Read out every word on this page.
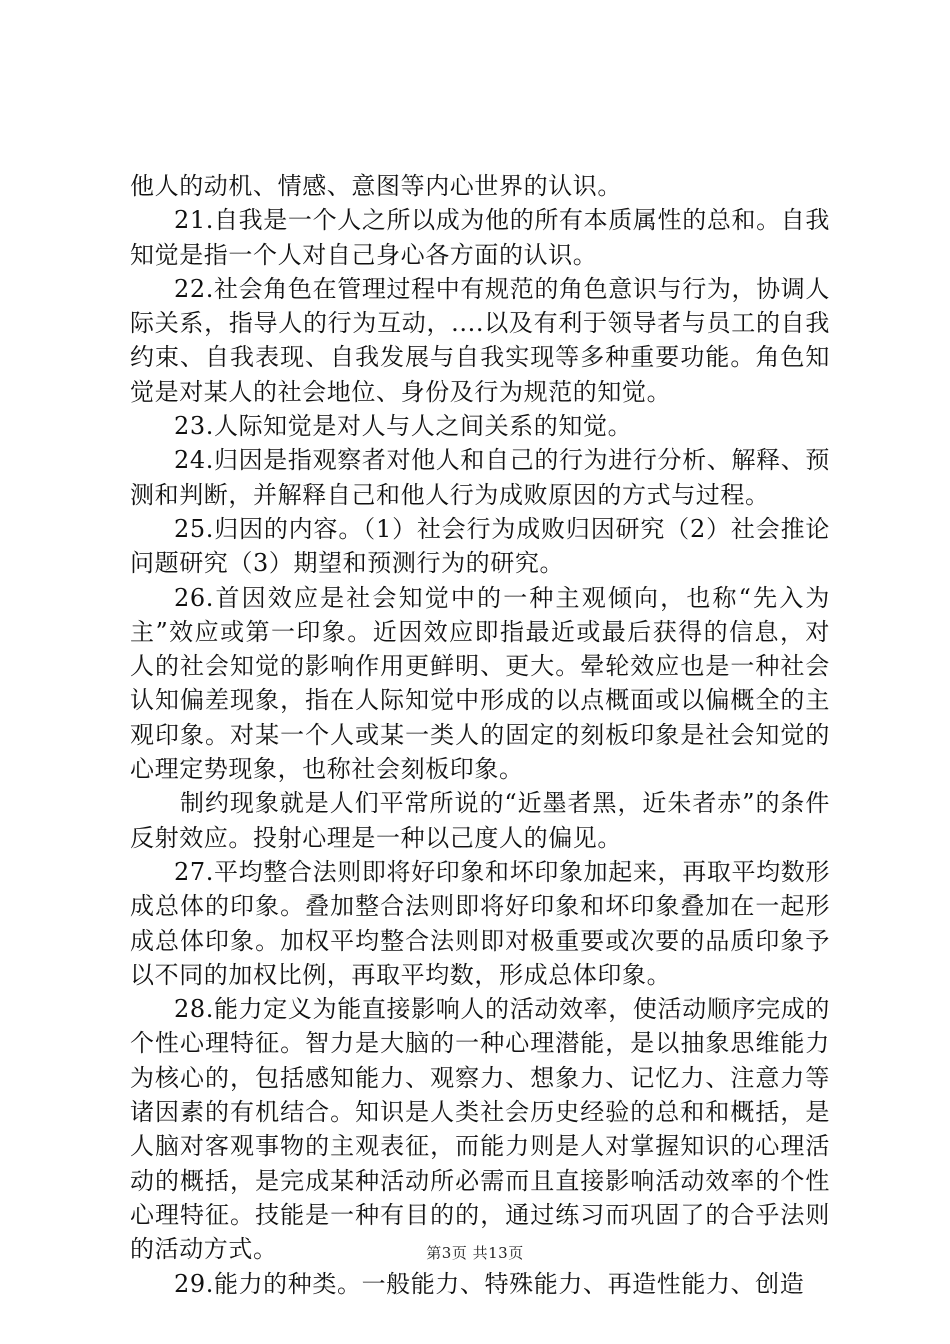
他人的动机、情感、意图等内心世界的认识。

21.自我是一个人之所以成为他的所有本质属性的总和。自我知觉是指一个人对自己身心各方面的认识。

22.社会角色在管理过程中有规范的角色意识与行为，协调人际关系，指导人的行为互动，....以及有利于领导者与员工的自我约束、自我表现、自我发展与自我实现等多种重要功能。角色知觉是对某人的社会地位、身份及行为规范的知觉。

23.人际知觉是对人与人之间关系的知觉。

24.归因是指观察者对他人和自己的行为进行分析、解释、预测和判断，并解释自己和他人行为成败原因的方式与过程。

25.归因的内容。（1）社会行为成败归因研究（2）社会推论问题研究（3）期望和预测行为的研究。

26.首因效应是社会知觉中的一种主观倾向，也称“先入为主”效应或第一印象。近因效应即指最近或最后获得的信息，对人的社会知觉的影响作用更鲜明、更大。晕轮效应也是一种社会认知偏差现象，指在人际知觉中形成的以点概面或以偏概全的主观印象。对某一个人或某一类人的固定的刻板印象是社会知觉的心理定势现象，也称社会刻板印象。

制约现象就是人们平常所说的“近墨者黑，近朱者赤”的条件反射效应。投射心理是一种以己度人的偏见。

27.平均整合法则即将好印象和坏印象加起来，再取平均数形成总体的印象。叠加整合法则即将好印象和坏印象叠加在一起形成总体印象。加权平均整合法则即对极重要或次要的品质印象予以不同的加权比例，再取平均数，形成总体印象。

28.能力定义为能直接影响人的活动效率，使活动顺序完成的个性心理特征。智力是大脑的一种心理潜能，是以抽象思维能力为核心的，包括感知能力、观察力、想象力、记忆力、注意力等诸因素的有机结合。知识是人类社会历史经验的总和和概括，是人脑对客观事物的主观表征，而能力则是人对掌握知识的心理活动的概括，是完成某种活动所必需而且直接影响活动效率的个性心理特征。技能是一种有目的的，通过练习而巩固了的合乎法则的活动方式。

29.能力的种类。一般能力、特殊能力、再造性能力、创造

第3页 共13页
